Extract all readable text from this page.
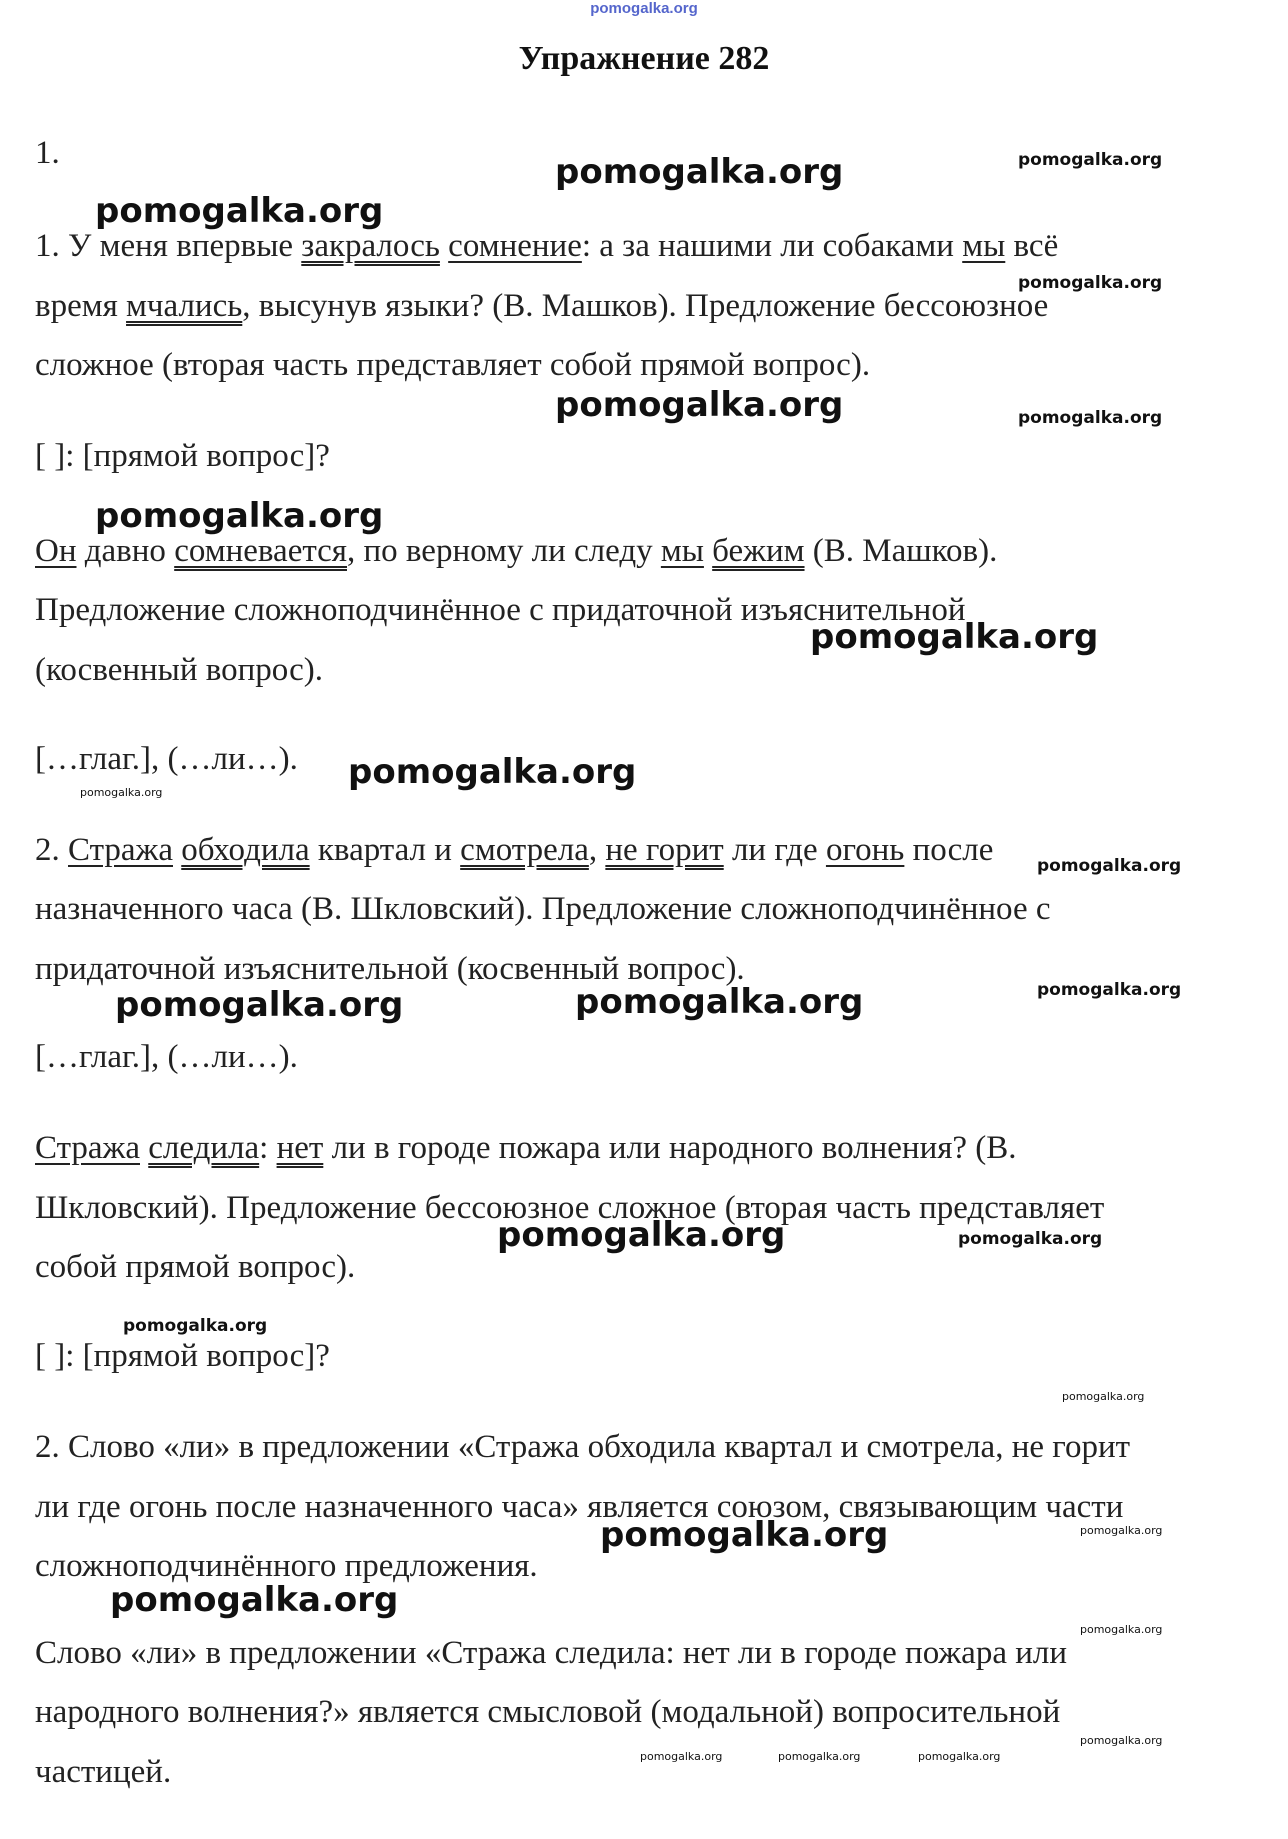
pomogalka.org
Упражнение 282
1.
1. У меня впервые закралось сомнение: а за нашими ли собаками мы всё
время мчались, высунув языки? (В. Машков). Предложение бессоюзное
сложное (вторая часть представляет собой прямой вопрос).
[ ]: [прямой вопрос]?
Он давно сомневается, по верному ли следу мы бежим (В. Машков).
Предложение сложноподчинённое с придаточной изъяснительной
(косвенный вопрос).
[…глаг.], (…ли…).
2. Стража обходила квартал и смотрела, не горит ли где огонь после
назначенного часа (В. Шкловский). Предложение сложноподчинённое с
придаточной изъяснительной (косвенный вопрос).
[…глаг.], (…ли…).
Стража следила: нет ли в городе пожара или народного волнения? (В.
Шкловский). Предложение бессоюзное сложное (вторая часть представляет
собой прямой вопрос).
[ ]: [прямой вопрос]?
2. Слово «ли» в предложении «Стража обходила квартал и смотрела, не горит
ли где огонь после назначенного часа» является союзом, связывающим части
сложноподчинённого предложения.
Слово «ли» в предложении «Стража следила: нет ли в городе пожара или
народного волнения?» является смысловой (модальной) вопросительной
частицей.
pomogalka.org	pomogalka.org
pomogalka.org
pomogalka.org
pomogalka.org	pomogalka.org
pomogalka.org
pomogalka.org
pomogalka.org
pomogalka.org
pomogalka.org
pomogalka.org	pomogalka.org	pomogalka.org
pomogalka.org	pomogalka.org
pomogalka.org
pomogalka.org
pomogalka.org	pomogalka.org
pomogalka.org
pomogalka.org
pomogalka.org
pomogalka.org	pomogalka.org	pomogalka.org
